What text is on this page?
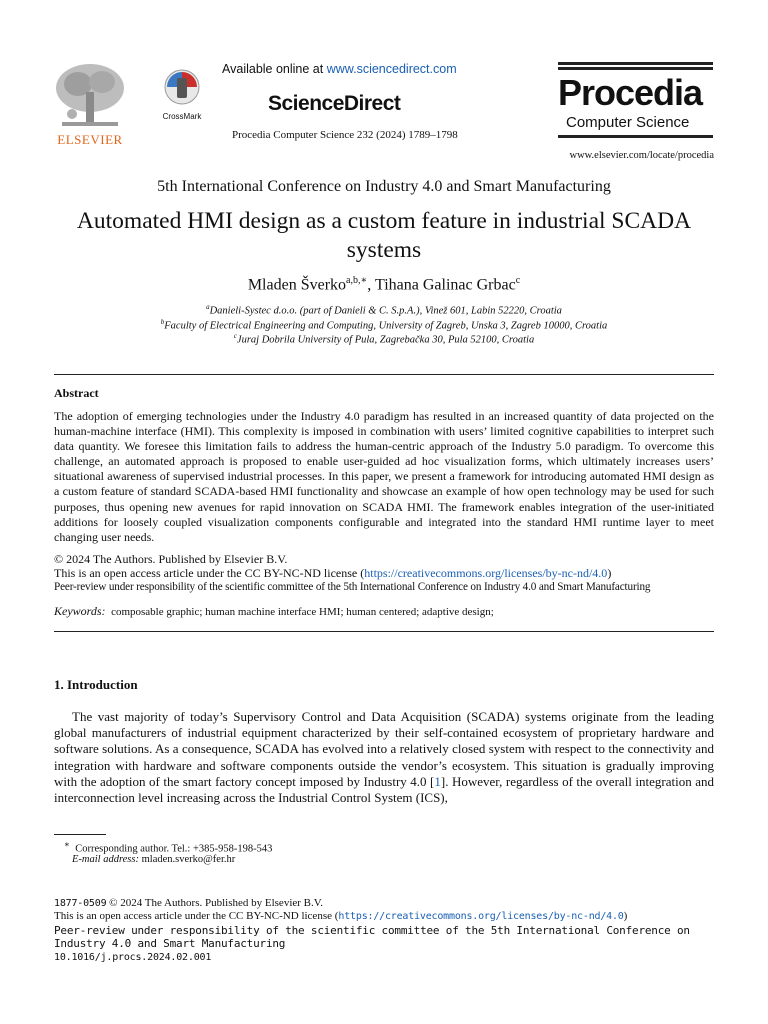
ELSEVIER
CrossMark
Available online at www.sciencedirect.com
ScienceDirect
Procedia Computer Science 232 (2024) 1789–1798
Procedia
Computer Science
www.elsevier.com/locate/procedia
5th International Conference on Industry 4.0 and Smart Manufacturing
Automated HMI design as a custom feature in industrial SCADA systems
Mladen Šverko$^{a,b,∗}$, Tihana Galinac Grbac$^c$
$^a$Danieli-Systec d.o.o. (part of Danieli & C. S.p.A.), Vinež 601, Labin 52220, Croatia
$^b$Faculty of Electrical Engineering and Computing, University of Zagreb, Unska 3, Zagreb 10000, Croatia
$^c$Juraj Dobrila University of Pula, Zagrebačka 30, Pula 52100, Croatia
Abstract
The adoption of emerging technologies under the Industry 4.0 paradigm has resulted in an increased quantity of data projected on the human-machine interface (HMI). This complexity is imposed in combination with users’ limited cognitive capabilities to interpret such data quantity. We foresee this limitation fails to address the human-centric approach of the Industry 5.0 paradigm. To overcome this challenge, an automated approach is proposed to enable user-guided ad hoc visualization forms, which ultimately increases users’ situational awareness of supervised industrial processes. In this paper, we present a framework for introducing automated HMI design as a custom feature of standard SCADA-based HMI functionality and showcase an example of how open technology may be used for such purposes, thus opening new avenues for rapid innovation on SCADA HMI. The framework enables integration of the user-initiated additions for loosely coupled visualization components configurable and integrated into the standard HMI runtime layer to meet changing user needs.
© 2024 The Authors. Published by Elsevier B.V.
This is an open access article under the CC BY-NC-ND license (https://creativecommons.org/licenses/by-nc-nd/4.0)
Peer-review under responsibility of the scientific committee of the 5th International Conference on Industry 4.0 and Smart Manufacturing
Keywords: composable graphic; human machine interface HMI; human centered; adaptive design;
1. Introduction
The vast majority of today’s Supervisory Control and Data Acquisition (SCADA) systems originate from the leading global manufacturers of industrial equipment characterized by their self-contained ecosystem of proprietary hardware and software solutions. As a consequence, SCADA has evolved into a relatively closed system with respect to the connectivity and integration with hardware and software components outside the vendor’s ecosystem. This situation is gradually improving with the adoption of the smart factory concept imposed by Industry 4.0 [1]. However, regardless of the overall integration and interconnection level increasing across the Industrial Control System (ICS),
∗ Corresponding author. Tel.: +385-958-198-543
E-mail address: mladen.sverko@fer.hr
1877-0509 © 2024 The Authors. Published by Elsevier B.V.
This is an open access article under the CC BY-NC-ND license (https://creativecommons.org/licenses/by-nc-nd/4.0)
Peer-review under responsibility of the scientific committee of the 5th International Conference on Industry 4.0 and Smart Manufacturing
10.1016/j.procs.2024.02.001
